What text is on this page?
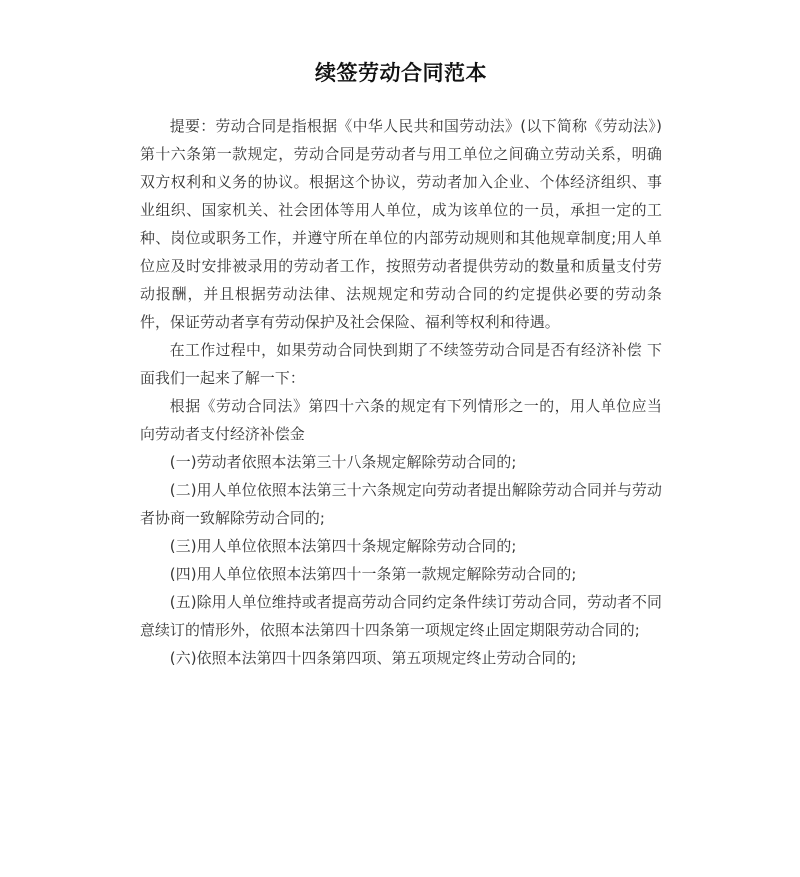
续签劳动合同范本

提要：劳动合同是指根据《中华人民共和国劳动法》(以下简称《劳动法》)第十六条第一款规定，劳动合同是劳动者与用工单位之间确立劳动关系，明确双方权利和义务的协议。根据这个协议，劳动者加入企业、个体经济组织、事业组织、国家机关、社会团体等用人单位，成为该单位的一员，承担一定的工种、岗位或职务工作，并遵守所在单位的内部劳动规则和其他规章制度;用人单位应及时安排被录用的劳动者工作，按照劳动者提供劳动的数量和质量支付劳动报酬，并且根据劳动法律、法规规定和劳动合同的约定提供必要的劳动条件，保证劳动者享有劳动保护及社会保险、福利等权利和待遇。

在工作过程中，如果劳动合同快到期了不续签劳动合同是否有经济补偿 下面我们一起来了解一下：

根据《劳动合同法》第四十六条的规定有下列情形之一的，用人单位应当向劳动者支付经济补偿金

(一)劳动者依照本法第三十八条规定解除劳动合同的;

(二)用人单位依照本法第三十六条规定向劳动者提出解除劳动合同并与劳动者协商一致解除劳动合同的;

(三)用人单位依照本法第四十条规定解除劳动合同的;

(四)用人单位依照本法第四十一条第一款规定解除劳动合同的;

(五)除用人单位维持或者提高劳动合同约定条件续订劳动合同，劳动者不同意续订的情形外，依照本法第四十四条第一项规定终止固定期限劳动合同的;

(六)依照本法第四十四条第四项、第五项规定终止劳动合同的;
